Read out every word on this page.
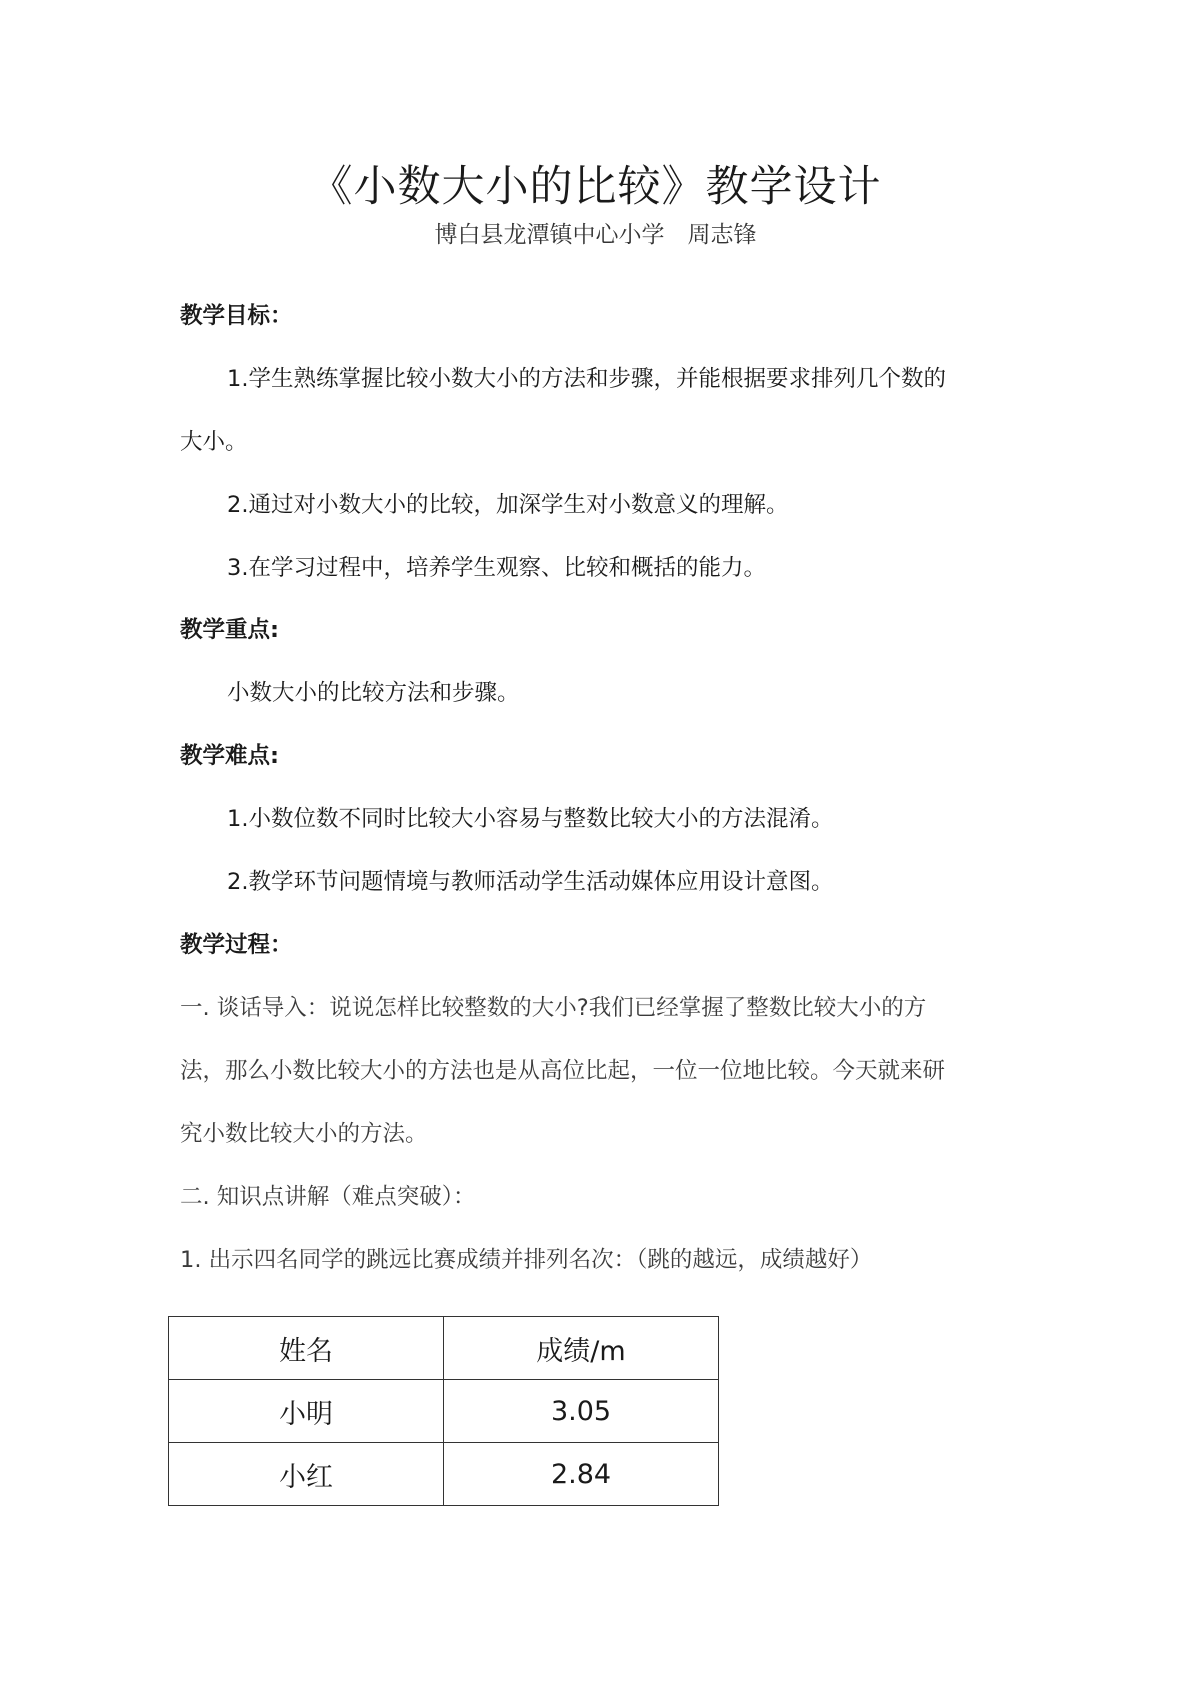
《小数大小的比较》教学设计
博白县龙潭镇中心小学　周志锋
教学目标：
1.学生熟练掌握比较小数大小的方法和步骤，并能根据要求排列几个数的
大小。
2.通过对小数大小的比较，加深学生对小数意义的理解。
3.在学习过程中，培养学生观察、比较和概括的能力。
教学重点:
小数大小的比较方法和步骤。
教学难点:
1.小数位数不同时比较大小容易与整数比较大小的方法混淆。
2.教学环节问题情境与教师活动学生活动媒体应用设计意图。
教学过程：
一. 谈话导入：说说怎样比较整数的大小?我们已经掌握了整数比较大小的方
法，那么小数比较大小的方法也是从高位比起，一位一位地比较。今天就来研
究小数比较大小的方法。
二. 知识点讲解（难点突破）：
1. 出示四名同学的跳远比赛成绩并排列名次：（跳的越远，成绩越好）
姓名	成绩/m
小明	3.05
小红	2.84
